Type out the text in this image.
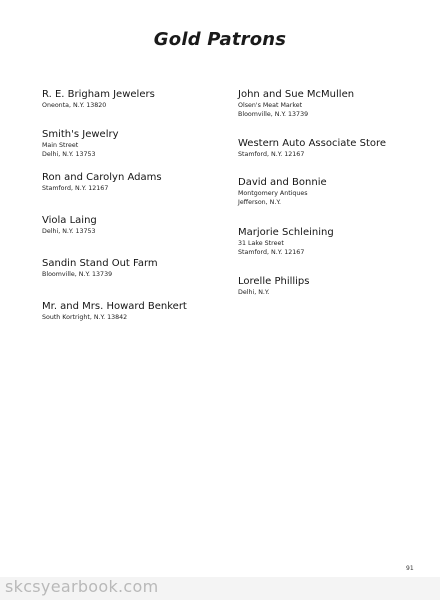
Gold Patrons
R. E. Brigham Jewelers
Oneonta, N.Y. 13820
Smith's Jewelry
Main Street
Delhi, N.Y. 13753
Ron and Carolyn Adams
Stamford, N.Y. 12167
Viola Laing
Delhi, N.Y. 13753
Sandin Stand Out Farm
Bloomville, N.Y. 13739
Mr. and Mrs. Howard Benkert
South Kortright, N.Y. 13842
John and Sue McMullen
Olsen's Meat Market
Bloomville, N.Y. 13739
Western Auto Associate Store
Stamford, N.Y. 12167
David and Bonnie
Montgomery Antiques
Jefferson, N.Y.
Marjorie Schleining
31 Lake Street
Stamford, N.Y. 12167
Lorelle Phillips
Delhi, N.Y.
91
skcsyearbook.com
